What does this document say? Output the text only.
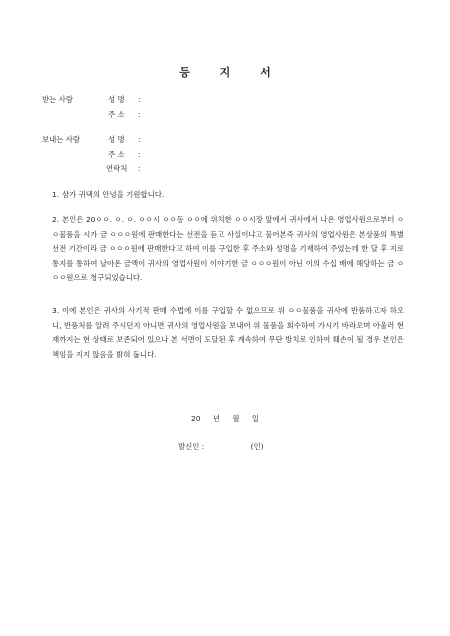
등 지 서
받는 사람	성 명 :
주 소 :
보내는 사람	성 명 :
주 소 :
연락처 :
1. 삼가 귀댁의 안녕을 기원합니다.
2. 본인은 20ㅇㅇ. ㅇ. ㅇ. ㅇㅇ시 ㅇㅇ동 ㅇㅇ에 위치한 ㅇㅇ시장 앞에서 귀사에서 나온 영업사원으로부터 ㅇㅇ물품을 시가 금 ㅇㅇㅇ원에 판매한다는 선전을 듣고 사실이냐고 물어본즉 귀사의 영업사원은 본상품의 특별선전 기간이라 금 ㅇㅇㅇ원에 판매한다고 하여 이를 구입한 후 주소와 성명을 기재하여 주었는데 한 달 후 지로통지를 통하여 날아온 금액이 귀사의 영업사원이 이야기한 금 ㅇㅇㅇ원이 아닌 이의 수십 배에 해당하는 금 ㅇㅇㅇ원으로 청구되었습니다.
3. 이에 본인은 귀사의 사기적 판매 수법에 이를 구입할 수 없으므로 위 ㅇㅇ물품을 귀사에 반품하고자 하오니, 반품처를 알려 주시던지 아니면 귀사의 영업사원을 보내어 위 물품을 회수하여 가시기 바라오며 아울러 현재까지는 현 상태로 보존되어 있으나 본 서면이 도달된 후 계속하여 무단 방치로 인하여 훼손이 될 경우 본인은 책임을 지지 않음을 밝혀 둡니다.
20 년 월 일
발신인 :	(인)
